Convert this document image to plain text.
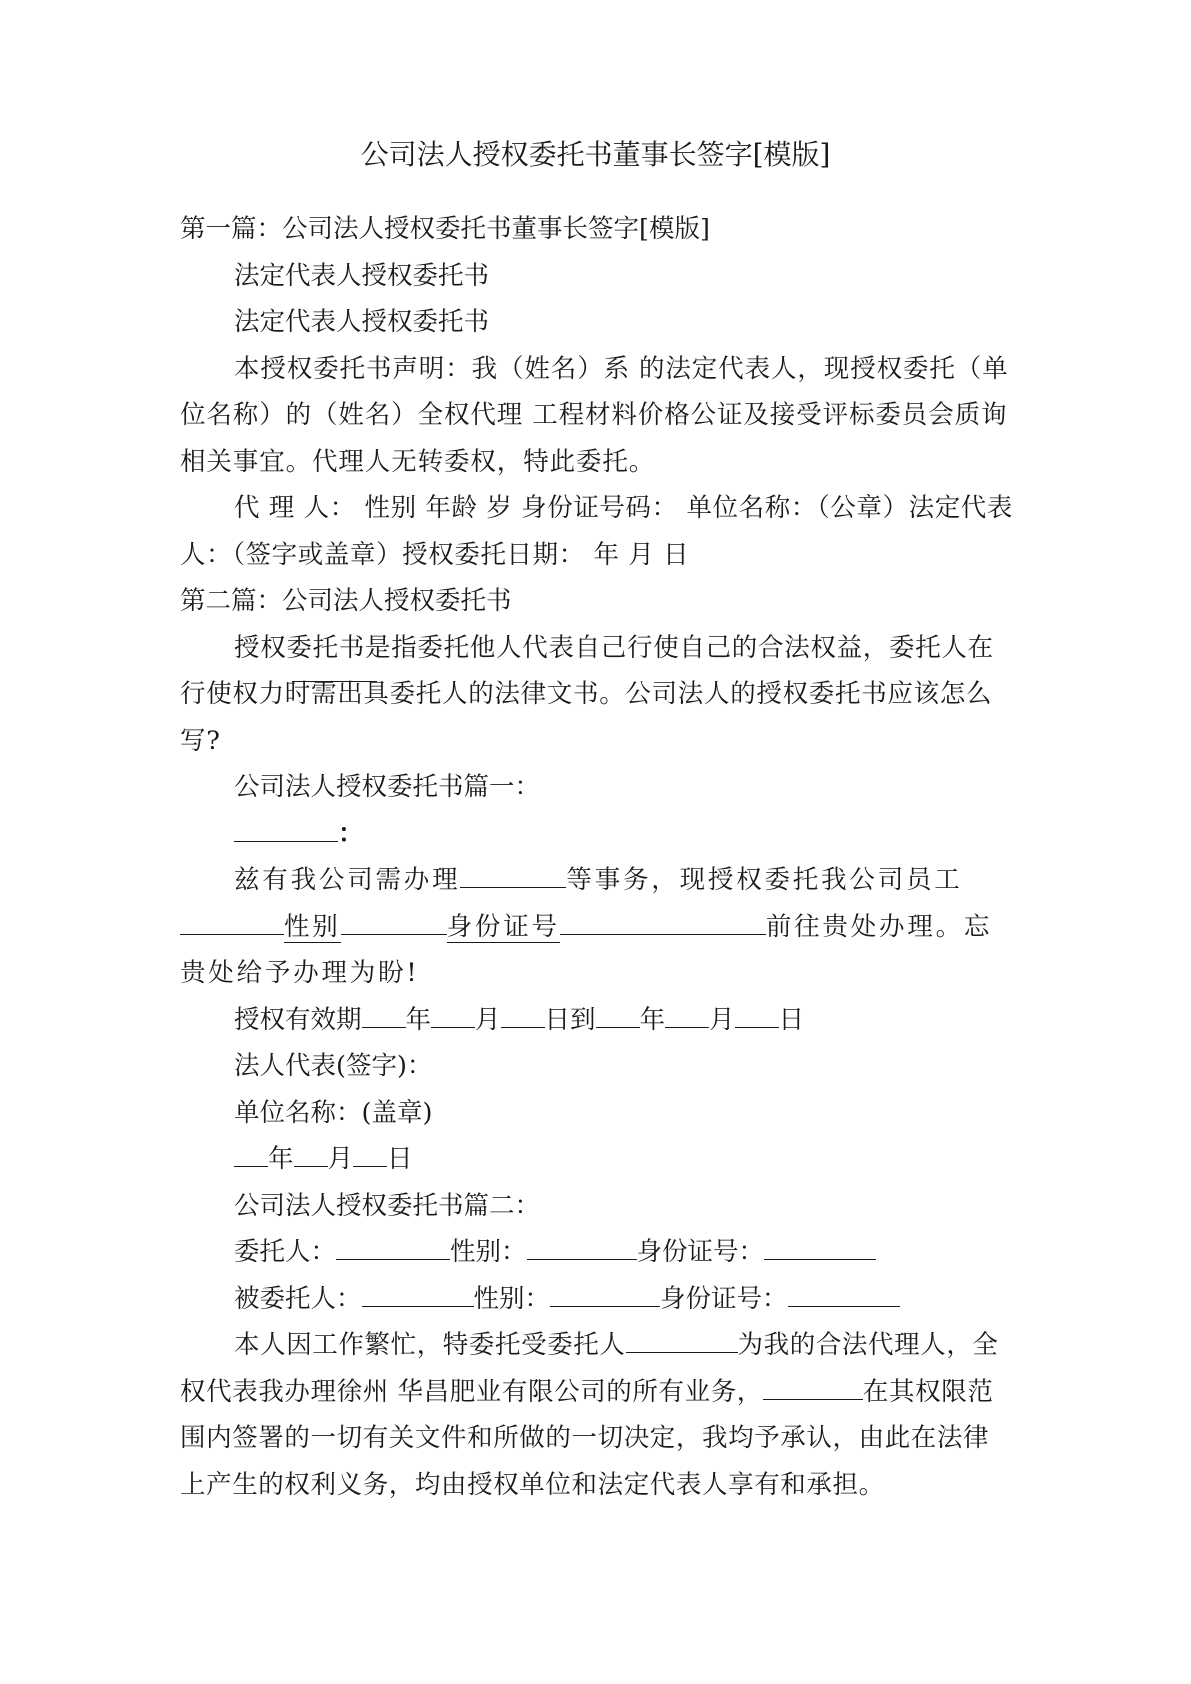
公司法人授权委托书董事长签字[模版]

第一篇：公司法人授权委托书董事长签字[模版]

法定代表人授权委托书

法定代表人授权委托书

本授权委托书声明：我（姓名）系 的法定代表人，现授权委托（单位名称）的（姓名）全权代理 工程材料价格公证及接受评标委员会质询相关事宜。代理人无转委权，特此委托。

代 理 人： 性别 年龄 岁 身份证号码： 单位名称：（公章）法定代表人：（签字或盖章）授权委托日期： 年 月 日

第二篇：公司法人授权委托书

授权委托书是指委托他人代表自己行使自己的合法权益，委托人在行使权力时需出具委托人的法律文书。公司法人的授权委托书应该怎么写?

公司法人授权委托书篇一：

：

兹有我公司需办理	等事务，现授权委托我公司员工性别	身份证号	前往贵处办理。忘贵处给予办理为盼!

授权有效期 年 月 日到 年 月 日

法人代表(签字)：

单位名称：(盖章)

年 月 日

公司法人授权委托书篇二：

委托人：	性别：	身份证号：

被委托人：	性别：	身份证号：

本人因工作繁忙，特委托受委托人	为我的合法代理人，全权代表我办理徐州 华昌肥业有限公司的所有业务，	在其权限范围内签署的一切有关文件和所做的一切决定，我均予承认，由此在法律上产生的权利义务，均由授权单位和法定代表人享有和承担。
